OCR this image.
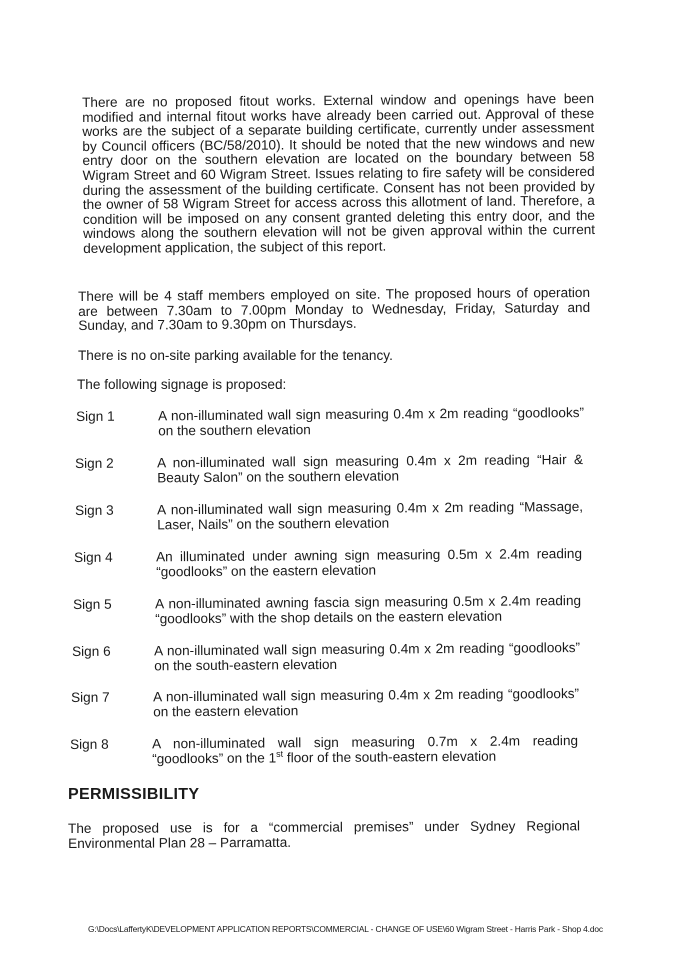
There are no proposed fitout works. External window and openings have been modified and internal fitout works have already been carried out. Approval of these works are the subject of a separate building certificate, currently under assessment by Council officers (BC/58/2010). It should be noted that the new windows and new entry door on the southern elevation are located on the boundary between 58 Wigram Street and 60 Wigram Street. Issues relating to fire safety will be considered during the assessment of the building certificate. Consent has not been provided by the owner of 58 Wigram Street for access across this allotment of land. Therefore, a condition will be imposed on any consent granted deleting this entry door, and the windows along the southern elevation will not be given approval within the current development application, the subject of this report.

There will be 4 staff members employed on site. The proposed hours of operation are between 7.30am to 7.00pm Monday to Wednesday, Friday, Saturday and Sunday, and 7.30am to 9.30pm on Thursdays.

There is no on-site parking available for the tenancy.

The following signage is proposed:

Sign 1	A non-illuminated wall sign measuring 0.4m x 2m reading “goodlooks” on the southern elevation
Sign 2	A non-illuminated wall sign measuring 0.4m x 2m reading “Hair & Beauty Salon” on the southern elevation
Sign 3	A non-illuminated wall sign measuring 0.4m x 2m reading “Massage, Laser, Nails” on the southern elevation
Sign 4	An illuminated under awning sign measuring 0.5m x 2.4m reading “goodlooks” on the eastern elevation
Sign 5	A non-illuminated awning fascia sign measuring 0.5m x 2.4m reading “goodlooks” with the shop details on the eastern elevation
Sign 6	A non-illuminated wall sign measuring 0.4m x 2m reading “goodlooks” on the south-eastern elevation
Sign 7	A non-illuminated wall sign measuring 0.4m x 2m reading “goodlooks” on the eastern elevation
Sign 8	A non-illuminated wall sign measuring 0.7m x 2.4m reading “goodlooks” on the 1st floor of the south-eastern elevation
PERMISSIBILITY

The proposed use is for a “commercial premises” under Sydney Regional Environmental Plan 28 – Parramatta.

G:\Docs\LaffertyK\DEVELOPMENT APPLICATION REPORTS\COMMERCIAL - CHANGE OF USE\60 Wigram Street - Harris Park - Shop 4.doc
